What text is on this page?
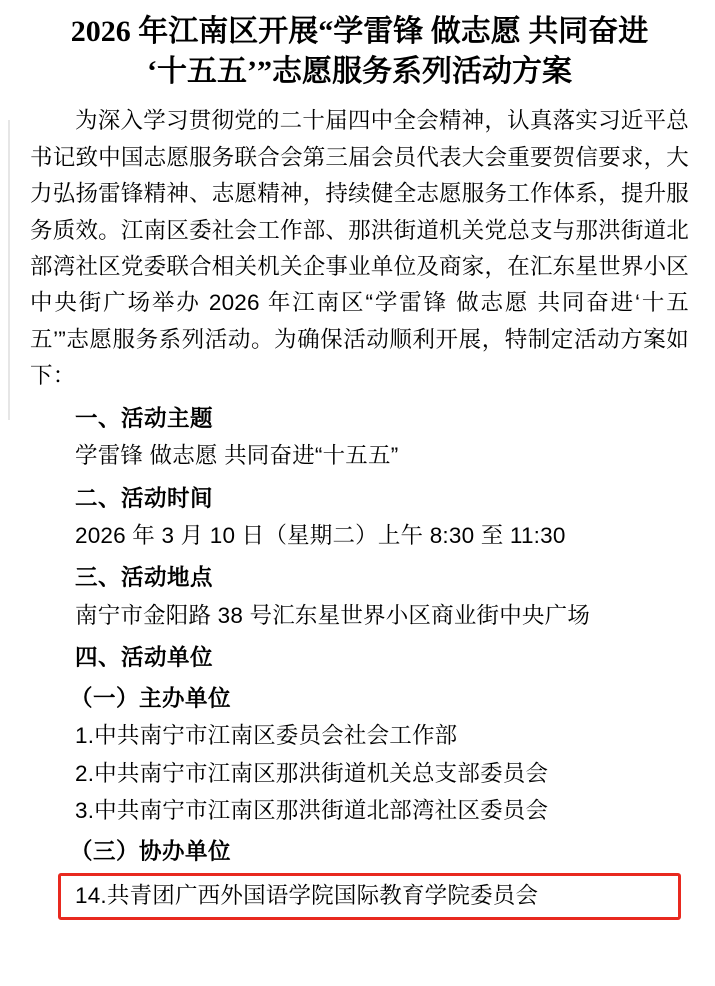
2026 年江南区开展“学雷锋 做志愿 共同奋进
‘十五五’”志愿服务系列活动方案

为深入学习贯彻党的二十届四中全会精神，认真落实习近平总书记致中国志愿服务联合会第三届会员代表大会重要贺信要求，大力弘扬雷锋精神、志愿精神，持续健全志愿服务工作体系，提升服务质效。江南区委社会工作部、那洪街道机关党总支与那洪街道北部湾社区党委联合相关机关企事业单位及商家，在汇东星世界小区中央街广场举办 2026 年江南区“学雷锋 做志愿 共同奋进‘十五五’”志愿服务系列活动。为确保活动顺利开展，特制定活动方案如下：

一、活动主题
学雷锋 做志愿 共同奋进“十五五”
二、活动时间
2026 年 3 月 10 日（星期二）上午 8:30 至 11:30
三、活动地点
南宁市金阳路 38 号汇东星世界小区商业街中央广场
四、活动单位
（一）主办单位
1.中共南宁市江南区委员会社会工作部
2.中共南宁市江南区那洪街道机关总支部委员会
3.中共南宁市江南区那洪街道北部湾社区委员会
（三）协办单位
14.共青团广西外国语学院国际教育学院委员会
